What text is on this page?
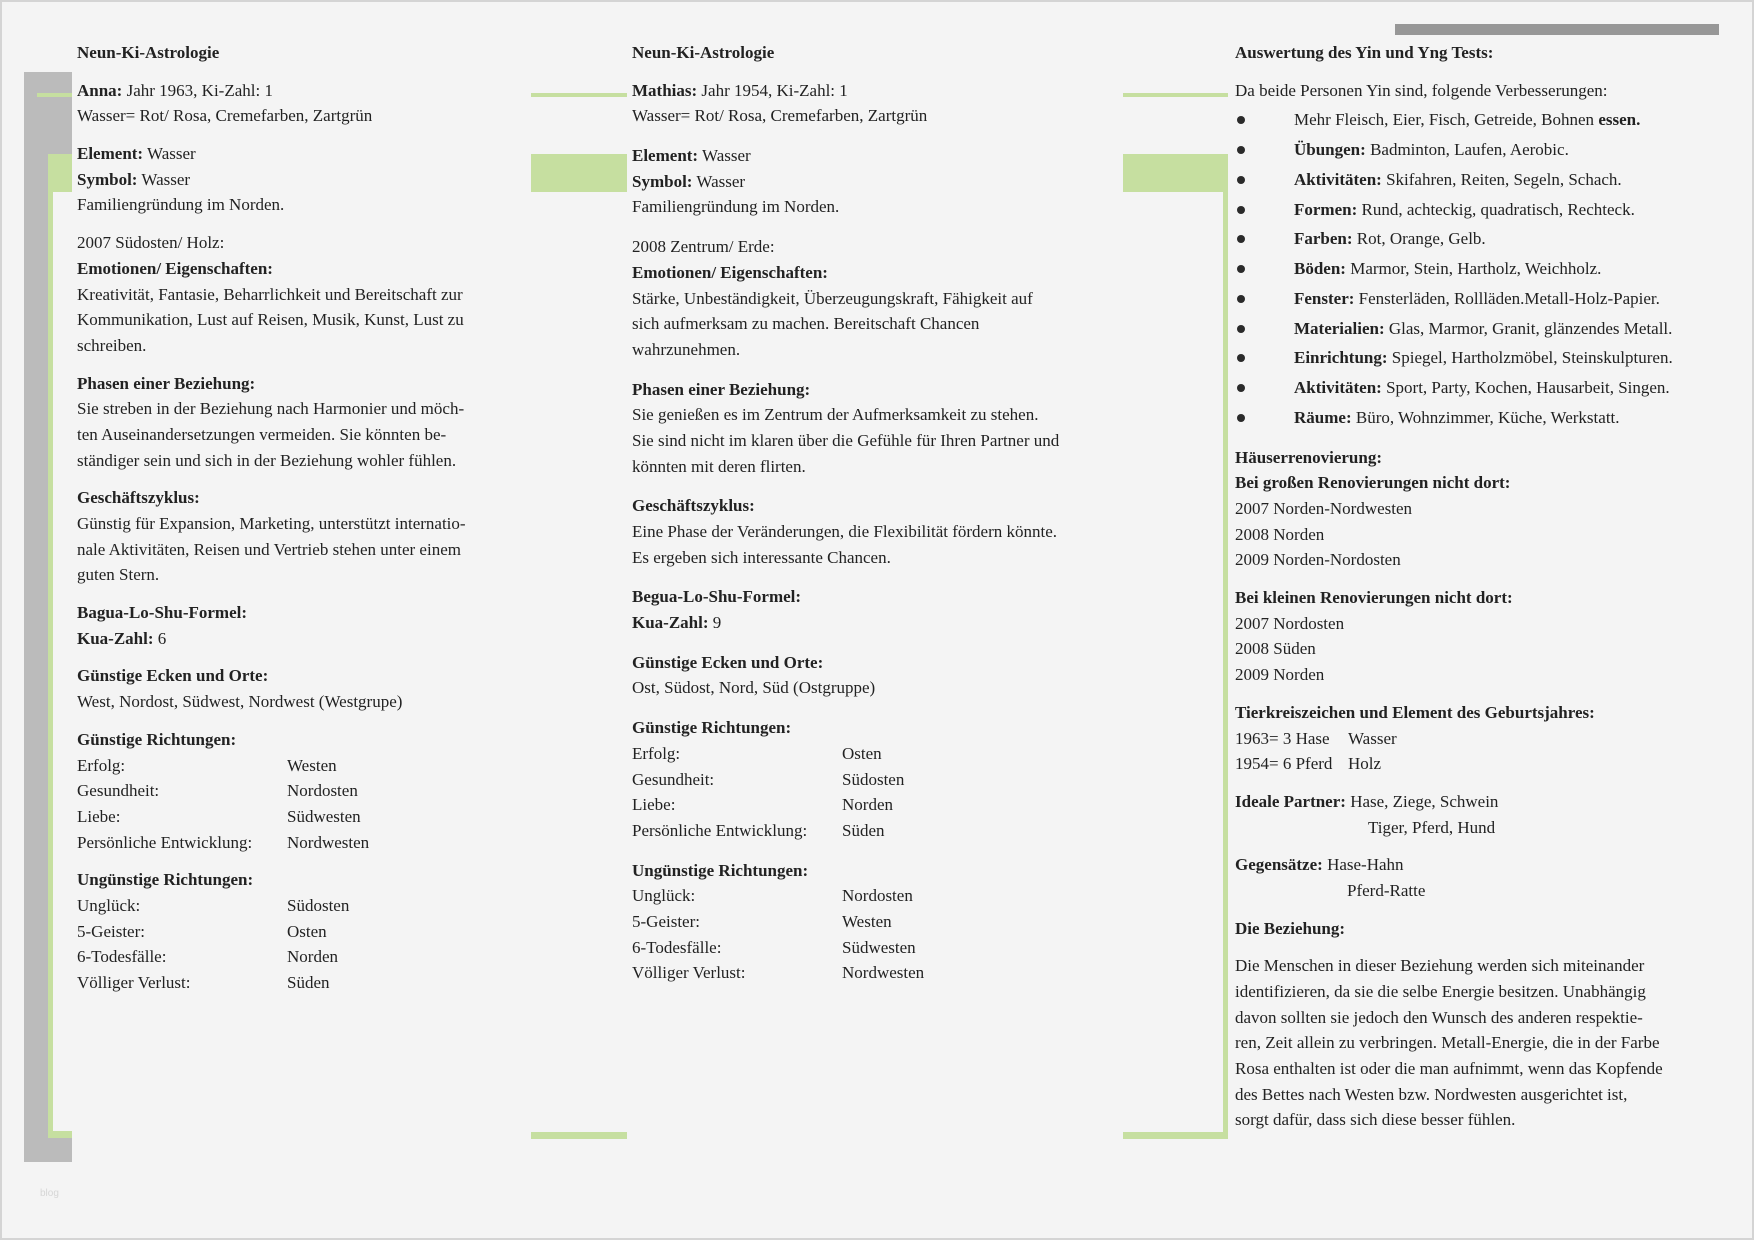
Neun-Ki-Astrologie
Anna: Jahr 1963, Ki-Zahl: 1
Wasser= Rot/ Rosa, Cremefarben, Zartgrün
Element: Wasser
Symbol: Wasser
Familiengründung im Norden.
2007 Südosten/ Holz:
Emotionen/ Eigenschaften:
Kreativität, Fantasie, Beharrlichkeit und Bereitschaft zur
Kommunikation, Lust auf Reisen, Musik, Kunst, Lust zu
schreiben.
Phasen einer Beziehung:
Sie streben in der Beziehung nach Harmonier und möch-
ten Auseinandersetzungen vermeiden. Sie könnten be-
ständiger sein und sich in der Beziehung wohler fühlen.
Geschäftszyklus:
Günstig für Expansion, Marketing, unterstützt internatio-
nale Aktivitäten, Reisen und Vertrieb stehen unter einem
guten Stern.
Bagua-Lo-Shu-Formel:
Kua-Zahl: 6
Günstige Ecken und Orte:
West, Nordost, Südwest, Nordwest (Westgrupe)
Günstige Richtungen:
Erfolg:	Westen
Gesundheit:	Nordosten
Liebe:	Südwesten
Persönliche Entwicklung: Nordwesten
Ungünstige Richtungen:
Unglück:	Südosten
5-Geister:	Osten
6-Todesfälle:	Norden
Völliger Verlust:	Süden
Neun-Ki-Astrologie
Mathias: Jahr 1954, Ki-Zahl: 1
Wasser= Rot/ Rosa, Cremefarben, Zartgrün
Element: Wasser
Symbol: Wasser
Familiengründung im Norden.
2008 Zentrum/ Erde:
Emotionen/ Eigenschaften:
Stärke, Unbeständigkeit, Überzeugungskraft, Fähigkeit auf
sich aufmerksam zu machen. Bereitschaft Chancen
wahrzunehmen.
Phasen einer Beziehung:
Sie genießen es im Zentrum der Aufmerksamkeit zu stehen.
Sie sind nicht im klaren über die Gefühle für Ihren Partner und
könnten mit deren flirten.
Geschäftszyklus:
Eine Phase der Veränderungen, die Flexibilität fördern könnte.
Es ergeben sich interessante Chancen.
Begua-Lo-Shu-Formel:
Kua-Zahl: 9
Günstige Ecken und Orte:
Ost, Südost, Nord, Süd (Ostgruppe)
Günstige Richtungen:
Erfolg:	Osten
Gesundheit:	Südosten
Liebe:	Norden
Persönliche Entwicklung: Süden
Ungünstige Richtungen:
Unglück:	Nordosten
5-Geister:	Westen
6-Todesfälle:	Südwesten
Völliger Verlust:	Nordwesten
Auswertung des Yin und Yng Tests:
Da beide Personen Yin sind, folgende Verbesserungen:
Mehr Fleisch, Eier, Fisch, Getreide, Bohnen essen.
Übungen: Badminton, Laufen, Aerobic.
Aktivitäten: Skifahren, Reiten, Segeln, Schach.
Formen: Rund, achteckig, quadratisch, Rechteck.
Farben: Rot, Orange, Gelb.
Böden: Marmor, Stein, Hartholz, Weichholz.
Fenster: Fensterläden, Rollläden.Metall-Holz-Papier.
Materialien: Glas, Marmor, Granit, glänzendes Metall.
Einrichtung: Spiegel, Hartholzmöbel, Steinskulpturen.
Aktivitäten: Sport, Party, Kochen, Hausarbeit, Singen.
Räume: Büro, Wohnzimmer, Küche, Werkstatt.
Häuserrenovierung:
Bei großen Renovierungen nicht dort:
2007 Norden-Nordwesten
2008 Norden
2009 Norden-Nordosten
Bei kleinen Renovierungen nicht dort:
2007 Nordosten
2008 Süden
2009 Norden
Tierkreiszeichen und Element des Geburtsjahres:
1963= 3 Hase Wasser
1954= 6 Pferd Holz
Ideale Partner: Hase, Ziege, Schwein
Tiger, Pferd, Hund
Gegensätze: Hase-Hahn
Pferd-Ratte
Die Beziehung:
Die Menschen in dieser Beziehung werden sich miteinander
identifizieren, da sie die selbe Energie besitzen. Unabhängig
davon sollten sie jedoch den Wunsch des anderen respektie-
ren, Zeit allein zu verbringen. Metall-Energie, die in der Farbe
Rosa enthalten ist oder die man aufnimmt, wenn das Kopfende
des Bettes nach Westen bzw. Nordwesten ausgerichtet ist,
sorgt dafür, dass sich diese besser fühlen.
blog
